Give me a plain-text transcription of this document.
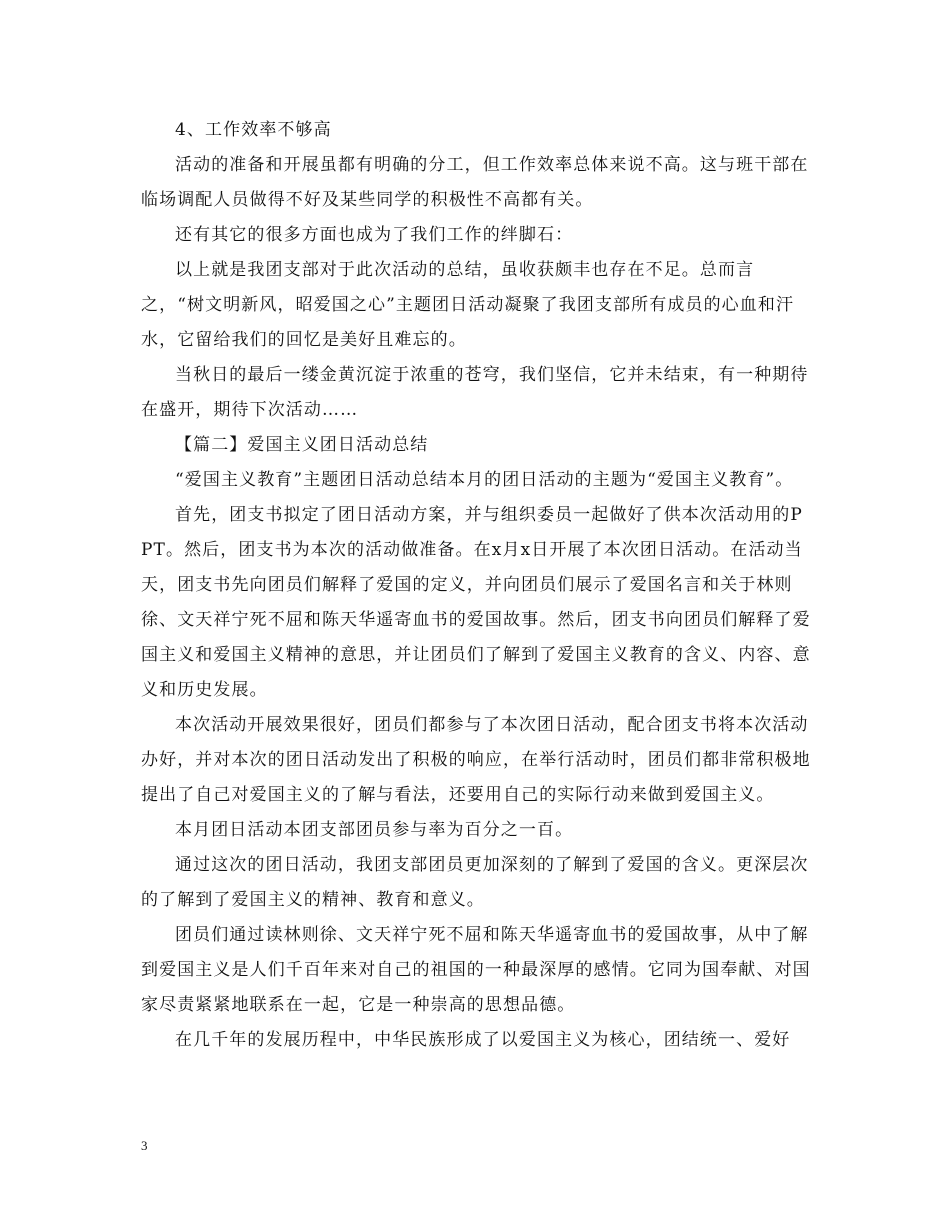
4、工作效率不够高

活动的准备和开展虽都有明确的分工，但工作效率总体来说不高。这与班干部在临场调配人员做得不好及某些同学的积极性不高都有关。

还有其它的很多方面也成为了我们工作的绊脚石：

以上就是我团支部对于此次活动的总结，虽收获颇丰也存在不足。总而言之，“树文明新风，昭爱国之心”主题团日活动凝聚了我团支部所有成员的心血和汗水，它留给我们的回忆是美好且难忘的。

当秋日的最后一缕金黄沉淀于浓重的苍穹，我们坚信，它并未结束，有一种期待在盛开，期待下次活动……

【篇二】爱国主义团日活动总结

“爱国主义教育”主题团日活动总结本月的团日活动的主题为“爱国主义教育”。

首先，团支书拟定了团日活动方案，并与组织委员一起做好了供本次活动用的PPT。然后，团支书为本次的活动做准备。在x月x日开展了本次团日活动。在活动当天，团支书先向团员们解释了爱国的定义，并向团员们展示了爱国名言和关于林则徐、文天祥宁死不屈和陈天华遥寄血书的爱国故事。然后，团支书向团员们解释了爱国主义和爱国主义精神的意思，并让团员们了解到了爱国主义教育的含义、内容、意义和历史发展。

本次活动开展效果很好，团员们都参与了本次团日活动，配合团支书将本次活动办好，并对本次的团日活动发出了积极的响应，在举行活动时，团员们都非常积极地提出了自己对爱国主义的了解与看法，还要用自己的实际行动来做到爱国主义。

本月团日活动本团支部团员参与率为百分之一百。

通过这次的团日活动，我团支部团员更加深刻的了解到了爱国的含义。更深层次的了解到了爱国主义的精神、教育和意义。

团员们通过读林则徐、文天祥宁死不屈和陈天华遥寄血书的爱国故事，从中了解到爱国主义是人们千百年来对自己的祖国的一种最深厚的感情。它同为国奉献、对国家尽责紧紧地联系在一起，它是一种崇高的思想品德。

在几千年的发展历程中，中华民族形成了以爱国主义为核心，团结统一、爱好

3
